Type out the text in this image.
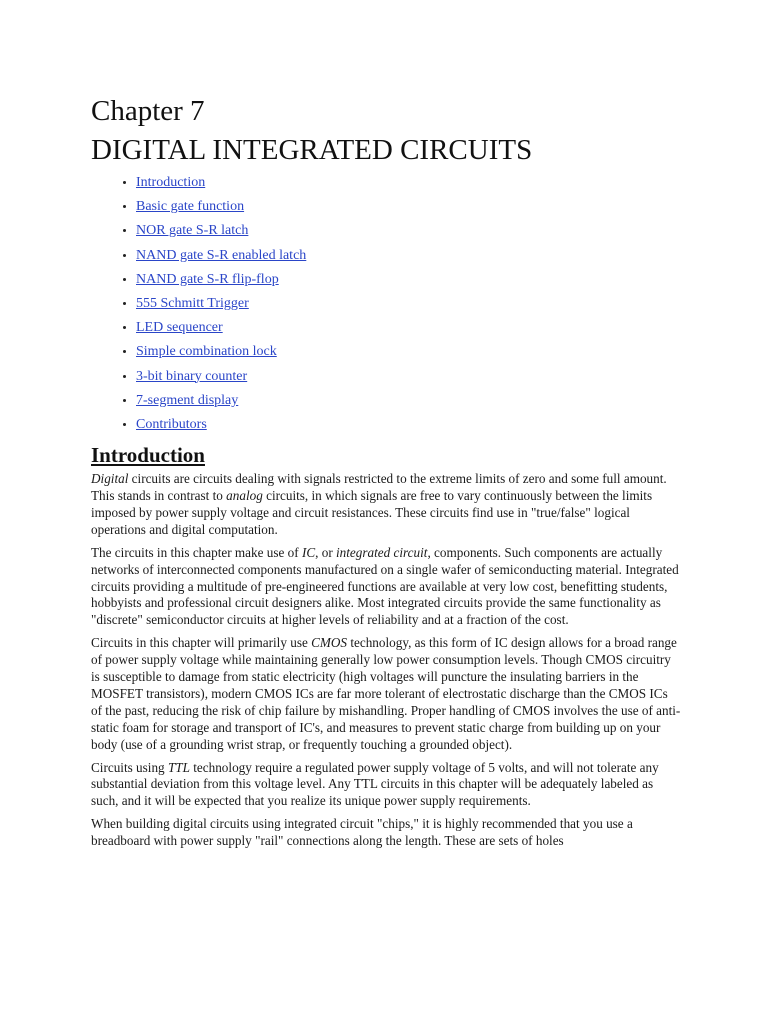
Chapter 7
DIGITAL INTEGRATED CIRCUITS
• Introduction
• Basic gate function
• NOR gate S-R latch
• NAND gate S-R enabled latch
• NAND gate S-R flip-flop
• 555 Schmitt Trigger
• LED sequencer
• Simple combination lock
• 3-bit binary counter
• 7-segment display
• Contributors
Introduction

Digital circuits are circuits dealing with signals restricted to the extreme limits of zero and some full amount. This stands in contrast to analog circuits, in which signals are free to vary continuously between the limits imposed by power supply voltage and circuit resistances. These circuits find use in "true/false" logical operations and digital computation.

The circuits in this chapter make use of IC, or integrated circuit, components. Such components are actually networks of interconnected components manufactured on a single wafer of semiconducting material. Integrated circuits providing a multitude of pre-engineered functions are available at very low cost, benefitting students, hobbyists and professional circuit designers alike. Most integrated circuits provide the same functionality as "discrete" semiconductor circuits at higher levels of reliability and at a fraction of the cost.

Circuits in this chapter will primarily use CMOS technology, as this form of IC design allows for a broad range of power supply voltage while maintaining generally low power consumption levels. Though CMOS circuitry is susceptible to damage from static electricity (high voltages will puncture the insulating barriers in the MOSFET transistors), modern CMOS ICs are far more tolerant of electrostatic discharge than the CMOS ICs of the past, reducing the risk of chip failure by mishandling. Proper handling of CMOS involves the use of anti-static foam for storage and transport of IC's, and measures to prevent static charge from building up on your body (use of a grounding wrist strap, or frequently touching a grounded object).

Circuits using TTL technology require a regulated power supply voltage of 5 volts, and will not tolerate any substantial deviation from this voltage level. Any TTL circuits in this chapter will be adequately labeled as such, and it will be expected that you realize its unique power supply requirements.

When building digital circuits using integrated circuit "chips," it is highly recommended that you use a breadboard with power supply "rail" connections along the length. These are sets of holes
